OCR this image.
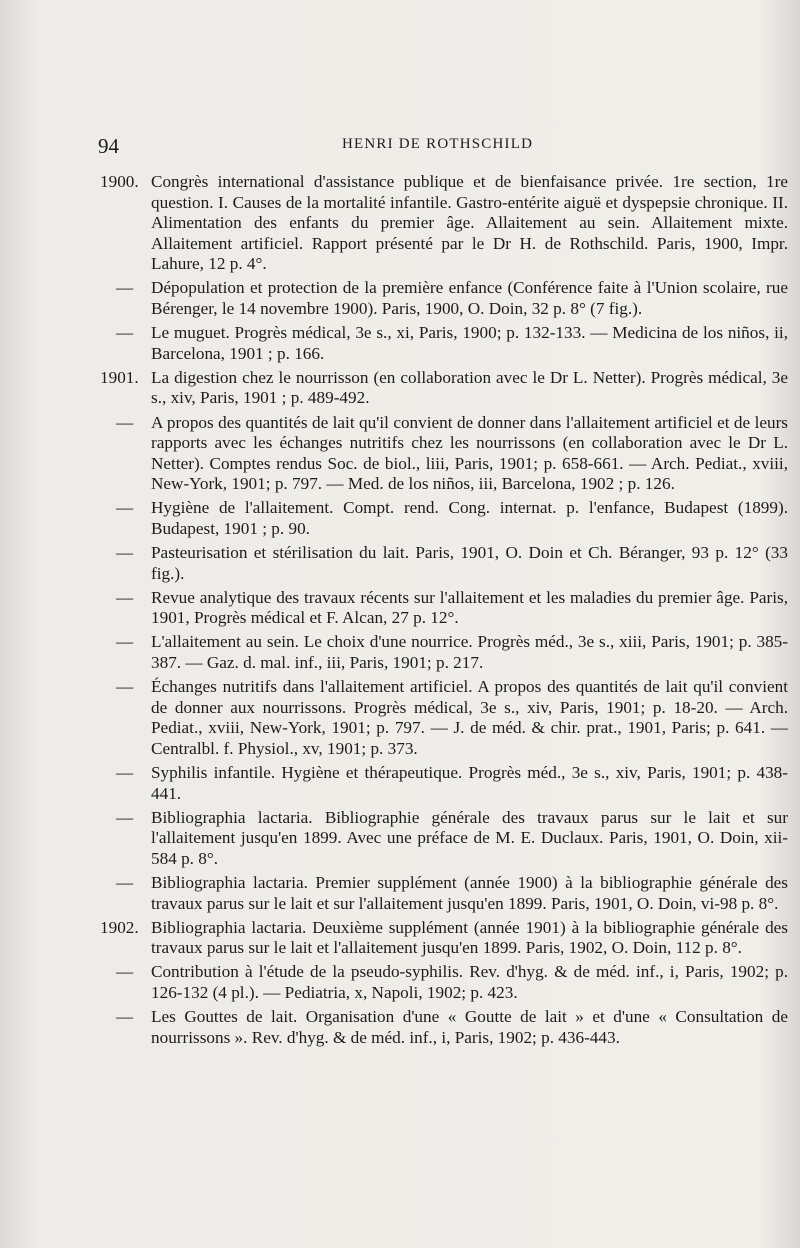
94	HENRI DE ROTHSCHILD
1900. Congrès international d'assistance publique et de bienfaisance privée. 1re section, 1re question. I. Causes de la mortalité infantile. Gastro-entérite aiguë et dyspepsie chronique. II. Alimentation des enfants du premier âge. Allaitement au sein. Allaitement mixte. Allaitement artificiel. Rapport présenté par le Dr H. de Rothschild. Paris, 1900, Impr. Lahure, 12 p. 4°.
—	Dépopulation et protection de la première enfance (Conférence faite à l'Union scolaire, rue Bérenger, le 14 novembre 1900). Paris, 1900, O. Doin, 32 p. 8° (7 fig.).
—	Le muguet. Progrès médical, 3e s., xi, Paris, 1900; p. 132-133. — Medicina de los niños, ii, Barcelona, 1901 ; p. 166.
1901. La digestion chez le nourrisson (en collaboration avec le Dr L. Netter). Progrès médical, 3e s., xiv, Paris, 1901 ; p. 489-492.
—	A propos des quantités de lait qu'il convient de donner dans l'allaitement artificiel et de leurs rapports avec les échanges nutritifs chez les nourrissons (en collaboration avec le Dr L. Netter). Comptes rendus Soc. de biol., liii, Paris, 1901; p. 658-661. — Arch. Pediat., xviii, New-York, 1901; p. 797. — Med. de los niños, iii, Barcelona, 1902 ; p. 126.
—	Hygiène de l'allaitement. Compt. rend. Cong. internat. p. l'enfance, Budapest (1899). Budapest, 1901 ; p. 90.
—	Pasteurisation et stérilisation du lait. Paris, 1901, O. Doin et Ch. Béranger, 93 p. 12° (33 fig.).
—	Revue analytique des travaux récents sur l'allaitement et les maladies du premier âge. Paris, 1901, Progrès médical et F. Alcan, 27 p. 12°.
—	L'allaitement au sein. Le choix d'une nourrice. Progrès méd., 3e s., xiii, Paris, 1901; p. 385-387. — Gaz. d. mal. inf., iii, Paris, 1901; p. 217.
—	Échanges nutritifs dans l'allaitement artificiel. A propos des quantités de lait qu'il convient de donner aux nourrissons. Progrès médical, 3e s., xiv, Paris, 1901; p. 18-20. — Arch. Pediat., xviii, New-York, 1901; p. 797. — J. de méd. & chir. prat., 1901, Paris; p. 641. — Centralbl. f. Physiol., xv, 1901; p. 373.
—	Syphilis infantile. Hygiène et thérapeutique. Progrès méd., 3e s., xiv, Paris, 1901; p. 438-441.
—	Bibliographia lactaria. Bibliographie générale des travaux parus sur le lait et sur l'allaitement jusqu'en 1899. Avec une préface de M. E. Duclaux. Paris, 1901, O. Doin, xii-584 p. 8°.
—	Bibliographia lactaria. Premier supplément (année 1900) à la bibliographie générale des travaux parus sur le lait et sur l'allaitement jusqu'en 1899. Paris, 1901, O. Doin, vi-98 p. 8°.
1902. Bibliographia lactaria. Deuxième supplément (année 1901) à la bibliographie générale des travaux parus sur le lait et l'allaitement jusqu'en 1899. Paris, 1902, O. Doin, 112 p. 8°.
—	Contribution à l'étude de la pseudo-syphilis. Rev. d'hyg. & de méd. inf., i, Paris, 1902; p. 126-132 (4 pl.). — Pediatria, x, Napoli, 1902; p. 423.
—	Les Gouttes de lait. Organisation d'une « Goutte de lait » et d'une « Consultation de nourrissons ». Rev. d'hyg. & de méd. inf., i, Paris, 1902; p. 436-443.
